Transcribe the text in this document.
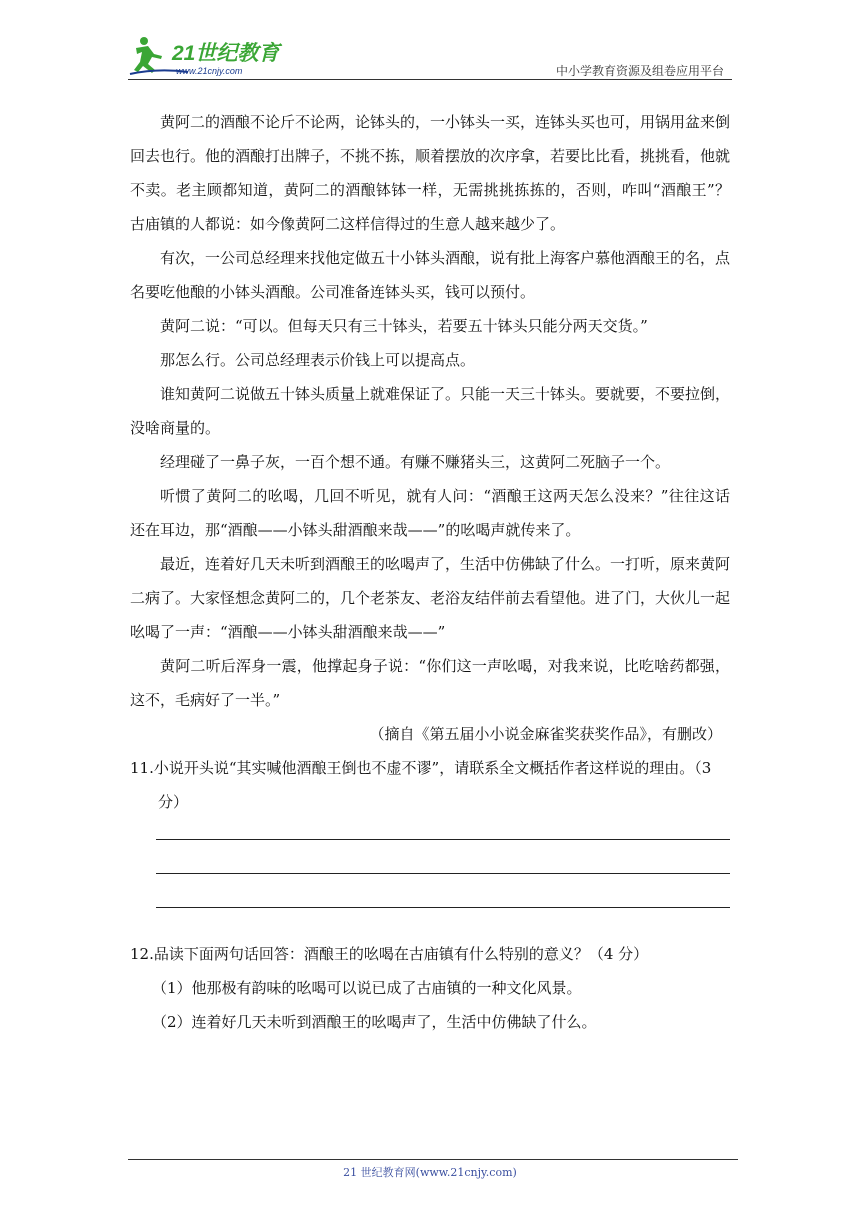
21世纪教育
www.21cnjy.com	中小学教育资源及组卷应用平台

黄阿二的酒酿不论斤不论两，论钵头的，一小钵头一买，连钵头买也可，用锅用盆来倒回去也行。他的酒酿打出牌子，不挑不拣，顺着摆放的次序拿，若要比比看，挑挑看，他就不卖。老主顾都知道，黄阿二的酒酿钵钵一样，无需挑挑拣拣的，否则，咋叫“酒酿王”？古庙镇的人都说：如今像黄阿二这样信得过的生意人越来越少了。

有次，一公司总经理来找他定做五十小钵头酒酿，说有批上海客户慕他酒酿王的名，点名要吃他酿的小钵头酒酿。公司准备连钵头买，钱可以预付。

黄阿二说：“可以。但每天只有三十钵头，若要五十钵头只能分两天交货。”

那怎么行。公司总经理表示价钱上可以提高点。

谁知黄阿二说做五十钵头质量上就难保证了。只能一天三十钵头。要就要，不要拉倒，没啥商量的。

经理碰了一鼻子灰，一百个想不通。有赚不赚猪头三，这黄阿二死脑子一个。

听惯了黄阿二的吆喝，几回不听见，就有人问：“酒酿王这两天怎么没来？”往往这话还在耳边，那“酒酿——小钵头甜酒酿来哉——”的吆喝声就传来了。

最近，连着好几天未听到酒酿王的吆喝声了，生活中仿佛缺了什么。一打听，原来黄阿二病了。大家怪想念黄阿二的，几个老茶友、老浴友结伴前去看望他。进了门，大伙儿一起吆喝了一声：“酒酿——小钵头甜酒酿来哉——”

黄阿二听后浑身一震，他撑起身子说：“你们这一声吆喝，对我来说，比吃啥药都强，这不，毛病好了一半。”

（摘自《第五届小小说金麻雀奖获奖作品》，有删改）

11.小说开头说“其实喊他酒酿王倒也不虚不谬”，请联系全文概括作者这样说的理由。（3

分）

12.品读下面两句话回答：酒酿王的吆喝在古庙镇有什么特别的意义？（4 分）

（1）他那极有韵味的吆喝可以说已成了古庙镇的一种文化风景。

（2）连着好几天未听到酒酿王的吆喝声了，生活中仿佛缺了什么。

21 世纪教育网(www.21cnjy.com)
